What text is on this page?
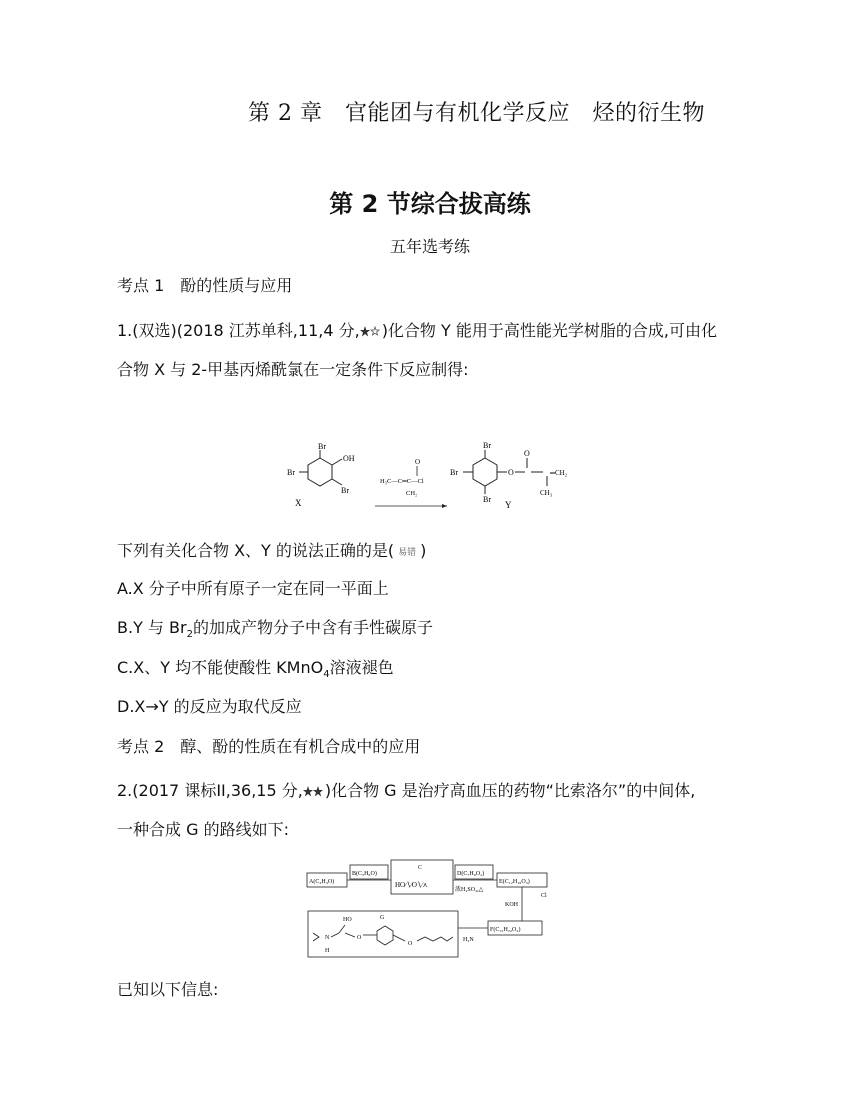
第 2 章　官能团与有机化学反应　烃的衍生物
第 2 节综合拔高练
五年选考练
考点 1　酚的性质与应用
1.(双选)(2018 江苏单科,11,4 分, )化合物 Y 能用于高性能光学树脂的合成,可由化
合物 X 与 2-甲基丙烯酰氯在一定条件下反应制得:
Br
OH
Br
Br
X
H₃C—C═C—Cl
CH₂
O
Br
Br
Br
O
O
═CH₂
CH₃
Y
下列有关化合物 X、Y 的说法正确的是( 易错 )
A.X 分子中所有原子一定在同一平面上
B.Y 与 $Br_2$的加成产物分子中含有手性碳原子
C.X、Y 均不能使酸性 KMnO$_4$溶液褪色
D.X→Y 的反应为取代反应
考点 2　醇、酚的性质在有机合成中的应用
2.(2017 课标II,36,15 分, )化合物 G 是治疗高血压的药物“比索洛尔”的中间体,
一种合成 G 的路线如下:
A(C₂H₄O)
B(C₃H₈O)
C
HO∕∖∕O∖∕⋏
D(C₇H₈O₂)
浓H₂SO₄,△
E(C₁₂H₁₈O₃)
KOH
Cl
F(C₁₅H₂₂O₄)
H₂N
G
HO
N
H
O
O
已知以下信息:
